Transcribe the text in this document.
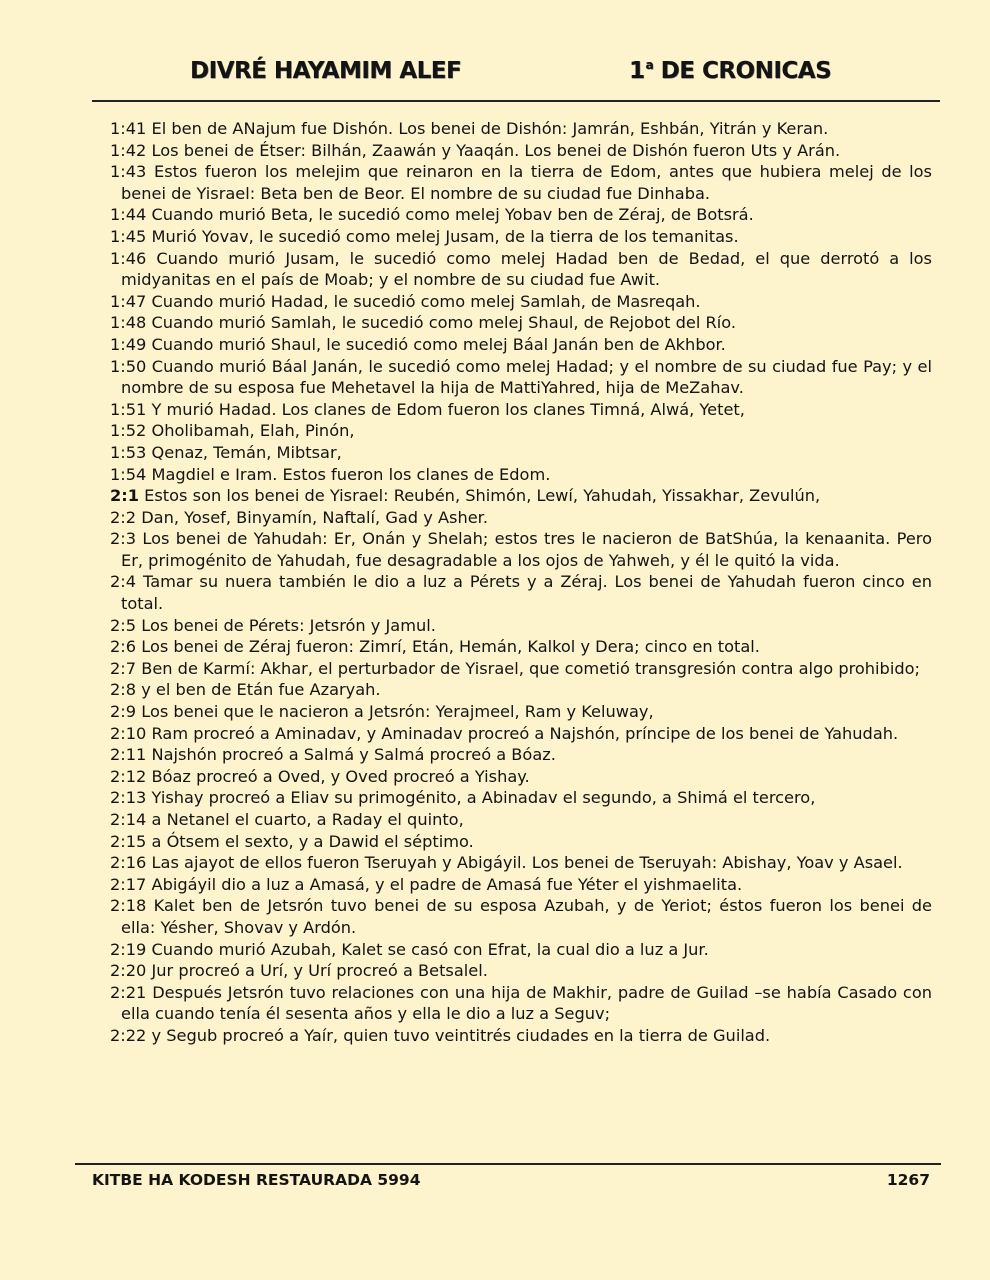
DIVRÉ HAYAMIM ALEF	1$^a$ DE CRONICAS
1:41 El ben de ANajum fue Dishón. Los benei de Dishón: Jamrán, Eshbán, Yitrán y Keran.
1:42 Los benei de Étser: Bilhán, Zaawán y Yaaqán. Los benei de Dishón fueron Uts y Arán.
1:43 Estos fueron los melejim que reinaron en la tierra de Edom, antes que hubiera melej de los benei de Yisrael: Beta ben de Beor. El nombre de su ciudad fue Dinhaba.
1:44 Cuando murió Beta, le sucedió como melej Yobav ben de Zéraj, de Botsrá.
1:45 Murió Yovav, le sucedió como melej Jusam, de la tierra de los temanitas.
1:46 Cuando murió Jusam, le sucedió como melej Hadad ben de Bedad, el que derrotó a los midyanitas en el país de Moab; y el nombre de su ciudad fue Awit.
1:47 Cuando murió Hadad, le sucedió como melej Samlah, de Masreqah.
1:48 Cuando murió Samlah, le sucedió como melej Shaul, de Rejobot del Río.
1:49 Cuando murió Shaul, le sucedió como melej Báal Janán ben de Akhbor.
1:50 Cuando murió Báal Janán, le sucedió como melej Hadad; y el nombre de su ciudad fue Pay; y el nombre de su esposa fue Mehetavel la hija de MattiYahred, hija de MeZahav.
1:51 Y murió Hadad. Los clanes de Edom fueron los clanes Timná, Alwá, Yetet,
1:52 Oholibamah, Elah, Pinón,
1:53 Qenaz, Temán, Mibtsar,
1:54 Magdiel e Iram. Estos fueron los clanes de Edom.
2:1 Estos son los benei de Yisrael: Reubén, Shimón, Lewí, Yahudah, Yissakhar, Zevulún,
2:2 Dan, Yosef, Binyamín, Naftalí, Gad y Asher.
2:3 Los benei de Yahudah: Er, Onán y Shelah; estos tres le nacieron de BatShúa, la kenaanita. Pero Er, primogénito de Yahudah, fue desagradable a los ojos de Yahweh, y él le quitó la vida.
2:4 Tamar su nuera también le dio a luz a Pérets y a Zéraj. Los benei de Yahudah fueron cinco en total.
2:5 Los benei de Pérets: Jetsrón y Jamul.
2:6 Los benei de Zéraj fueron: Zimrí, Etán, Hemán, Kalkol y Dera; cinco en total.
2:7 Ben de Karmí: Akhar, el perturbador de Yisrael, que cometió transgresión contra algo prohibido;
2:8 y el ben de Etán fue Azaryah.
2:9 Los benei que le nacieron a Jetsrón: Yerajmeel, Ram y Keluway,
2:10 Ram procreó a Aminadav, y Aminadav procreó a Najshón, príncipe de los benei de Yahudah.
2:11 Najshón procreó a Salmá y Salmá procreó a Bóaz.
2:12 Bóaz procreó a Oved, y Oved procreó a Yishay.
2:13 Yishay procreó a Eliav su primogénito, a Abinadav el segundo, a Shimá el tercero,
2:14 a Netanel el cuarto, a Raday el quinto,
2:15 a Ótsem el sexto, y a Dawid el séptimo.
2:16 Las ajayot de ellos fueron Tseruyah y Abigáyil. Los benei de Tseruyah: Abishay, Yoav y Asael.
2:17 Abigáyil dio a luz a Amasá, y el padre de Amasá fue Yéter el yishmaelita.
2:18 Kalet ben de Jetsrón tuvo benei de su esposa Azubah, y de Yeriot; éstos fueron los benei de ella: Yésher, Shovav y Ardón.
2:19 Cuando murió Azubah, Kalet se casó con Efrat, la cual dio a luz a Jur.
2:20 Jur procreó a Urí, y Urí procreó a Betsalel.
2:21 Después Jetsrón tuvo relaciones con una hija de Makhir, padre de Guilad –se había Casado con ella cuando tenía él sesenta años y ella le dio a luz a Seguv;
2:22 y Segub procreó a Yaír, quien tuvo veintitrés ciudades en la tierra de Guilad.
KITBE HA KODESH RESTAURADA 5994	1267
